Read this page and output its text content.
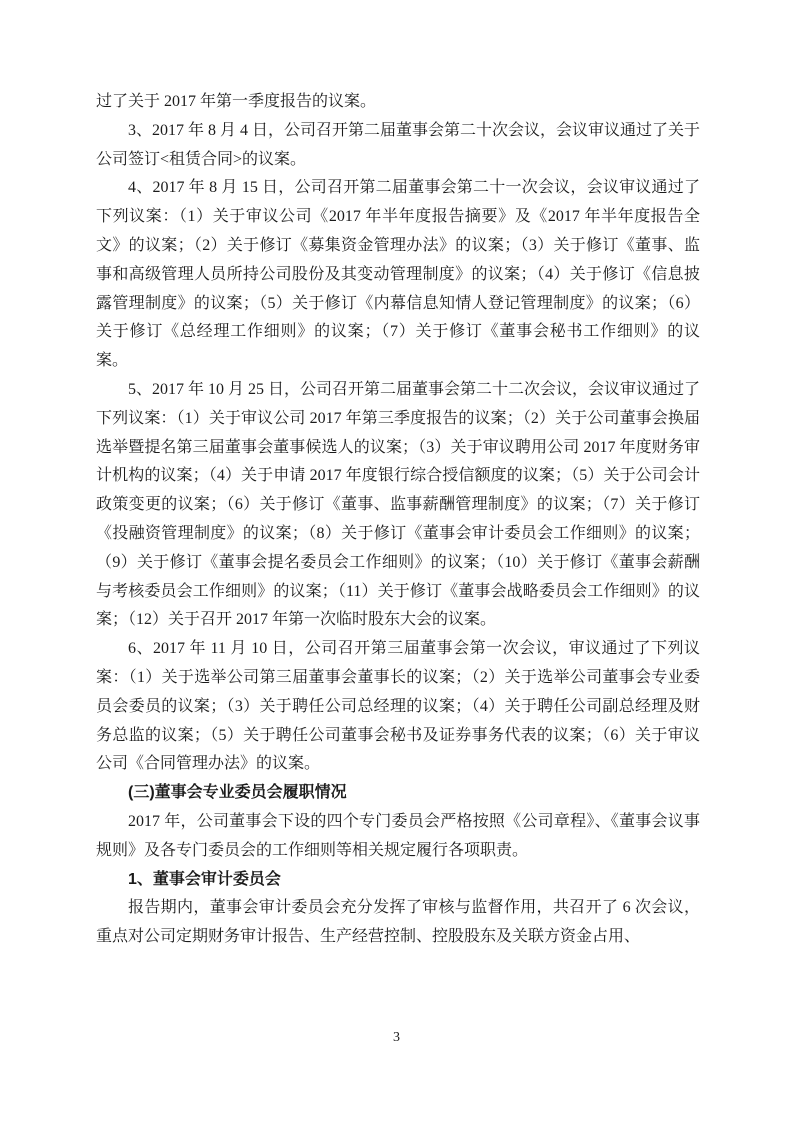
过了关于 2017 年第一季度报告的议案。

3、2017 年 8 月 4 日，公司召开第二届董事会第二十次会议，会议审议通过了关于公司签订<租赁合同>的议案。

4、2017 年 8 月 15 日，公司召开第二届董事会第二十一次会议，会议审议通过了下列议案：（1）关于审议公司《2017 年半年度报告摘要》及《2017 年半年度报告全文》的议案；（2）关于修订《募集资金管理办法》的议案；（3）关于修订《董事、监事和高级管理人员所持公司股份及其变动管理制度》的议案；（4）关于修订《信息披露管理制度》的议案；（5）关于修订《内幕信息知情人登记管理制度》的议案；（6）关于修订《总经理工作细则》的议案；（7）关于修订《董事会秘书工作细则》的议案。

5、2017 年 10 月 25 日，公司召开第二届董事会第二十二次会议，会议审议通过了下列议案：（1）关于审议公司 2017 年第三季度报告的议案；（2）关于公司董事会换届选举暨提名第三届董事会董事候选人的议案；（3）关于审议聘用公司 2017 年度财务审计机构的议案；（4）关于申请 2017 年度银行综合授信额度的议案；（5）关于公司会计政策变更的议案；（6）关于修订《董事、监事薪酬管理制度》的议案；（7）关于修订《投融资管理制度》的议案；（8）关于修订《董事会审计委员会工作细则》的议案；（9）关于修订《董事会提名委员会工作细则》的议案；（10）关于修订《董事会薪酬与考核委员会工作细则》的议案；（11）关于修订《董事会战略委员会工作细则》的议案；（12）关于召开 2017 年第一次临时股东大会的议案。

6、2017 年 11 月 10 日，公司召开第三届董事会第一次会议，审议通过了下列议案：（1）关于选举公司第三届董事会董事长的议案；（2）关于选举公司董事会专业委员会委员的议案；（3）关于聘任公司总经理的议案；（4）关于聘任公司副总经理及财务总监的议案；（5）关于聘任公司董事会秘书及证券事务代表的议案；（6）关于审议公司《合同管理办法》的议案。

(三)董事会专业委员会履职情况

2017 年，公司董事会下设的四个专门委员会严格按照《公司章程》、《董事会议事规则》及各专门委员会的工作细则等相关规定履行各项职责。

1、董事会审计委员会

报告期内，董事会审计委员会充分发挥了审核与监督作用，共召开了 6 次会议，重点对公司定期财务审计报告、生产经营控制、控股股东及关联方资金占用、

3
